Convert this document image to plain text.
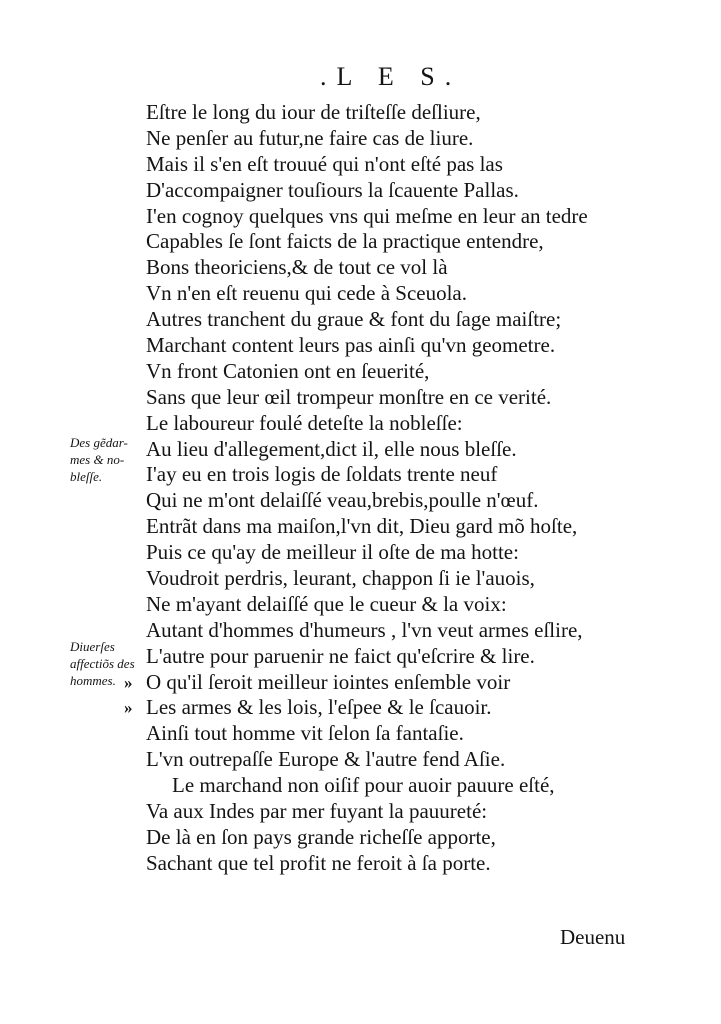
.L E S.
Des gẽdar-
mes & no-
bleſſe.
Diuerſes
affectiõs des
hommes.
Eſtre le long du iour de triſteſſe deſliure,
Ne penſer au futur,ne faire cas de liure.
Mais il s'en eſt trouué qui n'ont eſté pas las
D'accompaigner touſiours la ſcauente Pallas.
I'en cognoy quelques vns qui meſme en leur an tedre
Capables ſe ſont faicts de la practique entendre,
Bons theoriciens,& de tout ce vol là
Vn n'en eſt reuenu qui cede à Sceuola.
Autres tranchent du graue & font du ſage maiſtre;
Marchant content leurs pas ainſi qu'vn geometre.
Vn front Catonien ont en ſeuerité,
Sans que leur œil trompeur monſtre en ce verité.
Le laboureur foulé deteſte la nobleſſe:
Au lieu d'allegement,dict il, elle nous bleſſe.
I'ay eu en trois logis de ſoldats trente neuf
Qui ne m'ont delaiſſé veau,brebis,poulle n'œuf.
Entrãt dans ma maiſon,l'vn dit, Dieu gard mõ hoſte,
Puis ce qu'ay de meilleur il oſte de ma hotte:
Voudroit perdris, leurant, chappon ſi ie l'auois,
Ne m'ayant delaiſſé que le cueur & la voix:
Autant d'hommes d'humeurs , l'vn veut armes eſlire,
L'autre pour paruenir ne faict qu'eſcrire & lire.
» O qu'il ſeroit meilleur iointes enſemble voir
» Les armes & les lois, l'eſpee & le ſcauoir.
Ainſi tout homme vit ſelon ſa fantaſie.
L'vn outrepaſſe Europe & l'autre fend Aſie.
Le marchand non oiſif pour auoir pauure eſté,
Va aux Indes par mer fuyant la pauureté:
De là en ſon pays grande richeſſe apporte,
Sachant que tel profit ne feroit à ſa porte.
Deuenu
